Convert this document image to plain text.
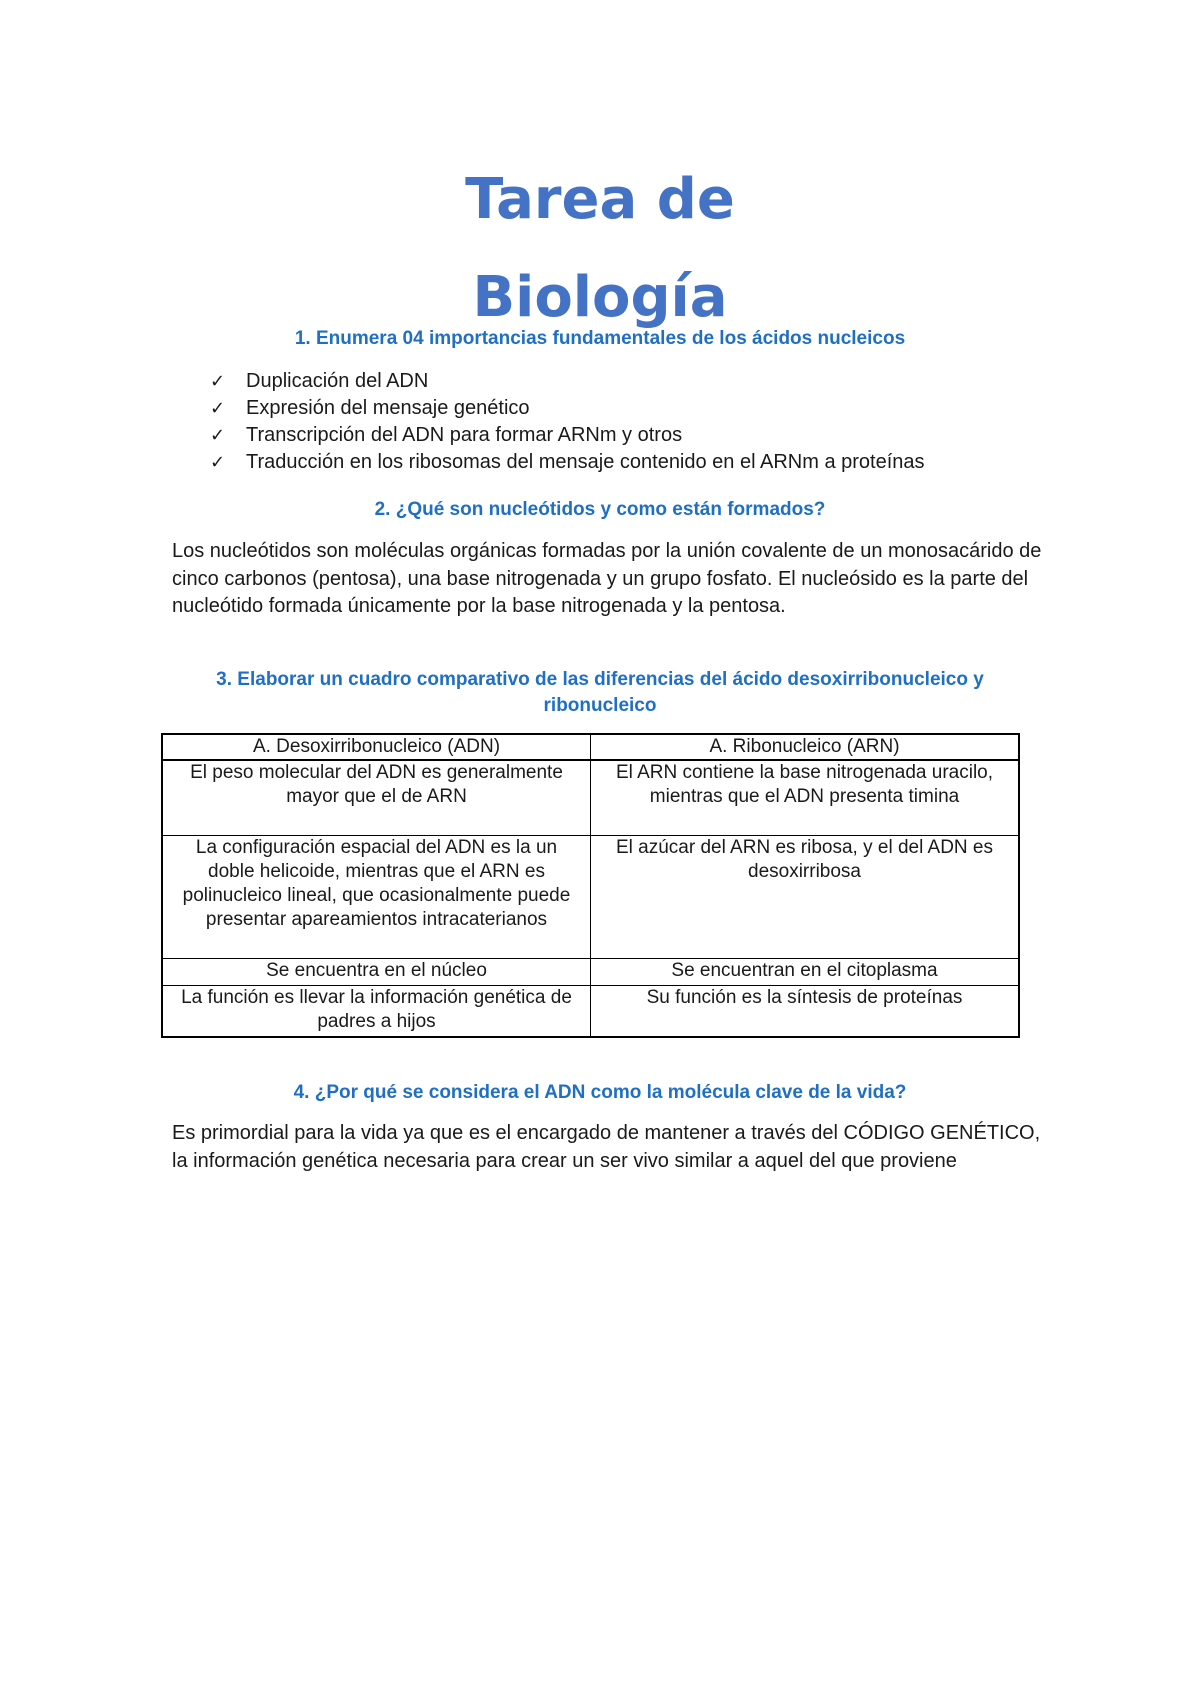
Tarea de
Biología
1. Enumera 04 importancias fundamentales de los ácidos nucleicos
✓	Duplicación del ADN
✓	Expresión del mensaje genético
✓	Transcripción del ADN para formar ARNm y otros
✓	Traducción en los ribosomas del mensaje contenido en el ARNm a proteínas
2. ¿Qué son nucleótidos y como están formados?

Los nucleótidos son moléculas orgánicas formadas por la unión covalente de un monosacárido de cinco carbonos (pentosa), una base nitrogenada y un grupo fosfato. El nucleósido es la parte del nucleótido formada únicamente por la base nitrogenada y la pentosa.

3. Elaborar un cuadro comparativo de las diferencias del ácido desoxirribonucleico y ribonucleico
A. Desoxirribonucleico (ADN)	A. Ribonucleico (ARN)
El peso molecular del ADN es generalmente mayor que el de ARN	El ARN contiene la base nitrogenada uracilo, mientras que el ADN presenta timina
La configuración espacial del ADN es la un doble helicoide, mientras que el ARN es polinucleico lineal, que ocasionalmente puede presentar apareamientos intracaterianos	El azúcar del ARN es ribosa, y el del ADN es desoxirribosa
Se encuentra en el núcleo	Se encuentran en el citoplasma
La función es llevar la información genética de padres a hijos	Su función es la síntesis de proteínas
4. ¿Por qué se considera el ADN como la molécula clave de la vida?

Es primordial para la vida ya que es el encargado de mantener a través del CÓDIGO GENÉTICO, la información genética necesaria para crear un ser vivo similar a aquel del que proviene
